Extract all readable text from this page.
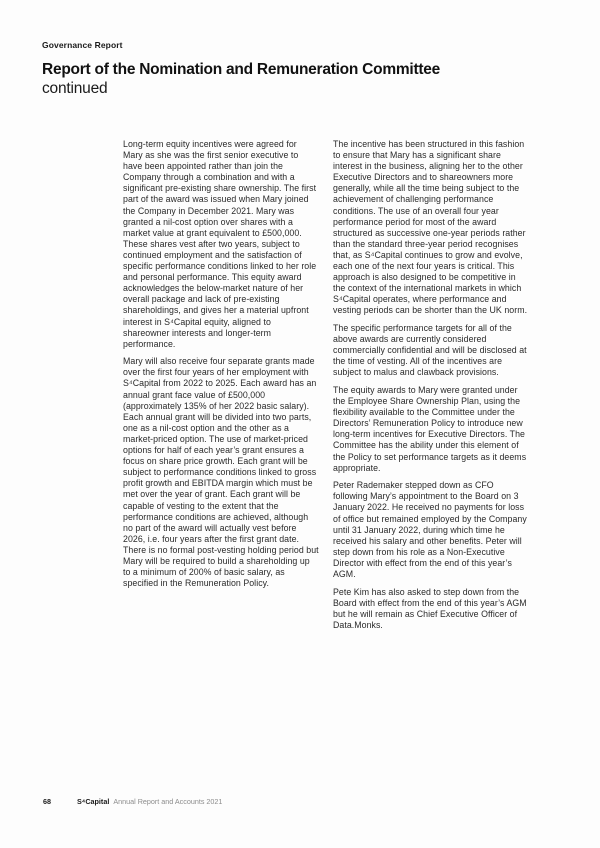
Governance Report
Report of the Nomination and Remuneration Committee
continued

Long-term equity incentives were agreed for Mary as she was the first senior executive to have been appointed rather than join the Company through a combination and with a significant pre-existing share ownership. The first part of the award was issued when Mary joined the Company in December 2021. Mary was granted a nil-cost option over shares with a market value at grant equivalent to £500,000. These shares vest after two years, subject to continued employment and the satisfaction of specific performance conditions linked to her role and personal performance. This equity award acknowledges the below-market nature of her overall package and lack of pre-existing shareholdings, and gives her a material upfront interest in S⁴Capital equity, aligned to shareowner interests and longer-term performance.

Mary will also receive four separate grants made over the first four years of her employment with S⁴Capital from 2022 to 2025. Each award has an annual grant face value of £500,000 (approximately 135% of her 2022 basic salary). Each annual grant will be divided into two parts, one as a nil-cost option and the other as a market-priced option. The use of market-priced options for half of each year’s grant ensures a focus on share price growth. Each grant will be subject to performance conditions linked to gross profit growth and EBITDA margin which must be met over the year of grant. Each grant will be capable of vesting to the extent that the performance conditions are achieved, although no part of the award will actually vest before 2026, i.e. four years after the first grant date. There is no formal post-vesting holding period but Mary will be required to build a shareholding up to a minimum of 200% of basic salary, as specified in the Remuneration Policy.

The incentive has been structured in this fashion to ensure that Mary has a significant share interest in the business, aligning her to the other Executive Directors and to shareowners more generally, while all the time being subject to the achievement of challenging performance conditions. The use of an overall four year performance period for most of the award structured as successive one-year periods rather than the standard three-year period recognises that, as S⁴Capital continues to grow and evolve, each one of the next four years is critical. This approach is also designed to be competitive in the context of the international markets in which S⁴Capital operates, where performance and vesting periods can be shorter than the UK norm.

The specific performance targets for all of the above awards are currently considered commercially confidential and will be disclosed at the time of vesting. All of the incentives are subject to malus and clawback provisions.

The equity awards to Mary were granted under the Employee Share Ownership Plan, using the flexibility available to the Committee under the Directors’ Remuneration Policy to introduce new long-term incentives for Executive Directors. The Committee has the ability under this element of the Policy to set performance targets as it deems appropriate.

Peter Rademaker stepped down as CFO following Mary’s appointment to the Board on 3 January 2022. He received no payments for loss of office but remained employed by the Company until 31 January 2022, during which time he received his salary and other benefits. Peter will step down from his role as a Non-Executive Director with effect from the end of this year’s AGM.

Pete Kim has also asked to step down from the Board with effect from the end of this year’s AGM but he will remain as Chief Executive Officer of Data.Monks.

68	S⁴Capital Annual Report and Accounts 2021
